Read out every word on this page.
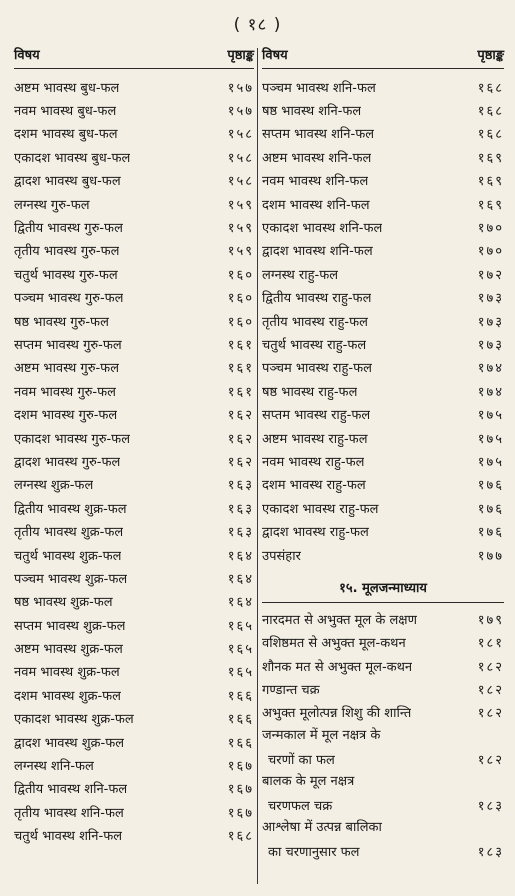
( १८ )
विषय	पृष्ठाङ्क
अष्टम भावस्थ बुध-फल	१५७
नवम भावस्थ बुध-फल	१५७
दशम भावस्थ बुध-फल	१५८
एकादश भावस्थ बुध-फल	१५८
द्वादश भावस्थ बुध-फल	१५८
लग्नस्थ गुरु-फल	१५९
द्वितीय भावस्थ गुरु-फल	१५९
तृतीय भावस्थ गुरु-फल	१५९
चतुर्थ भावस्थ गुरु-फल	१६०
पञ्चम भावस्थ गुरु-फल	१६०
षष्ठ भावस्थ गुरु-फल	१६०
सप्तम भावस्थ गुरु-फल	१६१
अष्टम भावस्थ गुरु-फल	१६१
नवम भावस्थ गुरु-फल	१६१
दशम भावस्थ गुरु-फल	१६२
एकादश भावस्थ गुरु-फल	१६२
द्वादश भावस्थ गुरु-फल	१६२
लग्नस्थ शुक्र-फल	१६३
द्वितीय भावस्थ शुक्र-फल	१६३
तृतीय भावस्थ शुक्र-फल	१६३
चतुर्थ भावस्थ शुक्र-फल	१६४
पञ्चम भावस्थ शुक्र-फल	१६४
षष्ठ भावस्थ शुक्र-फल	१६४
सप्तम भावस्थ शुक्र-फल	१६५
अष्टम भावस्थ शुक्र-फल	१६५
नवम भावस्थ शुक्र-फल	१६५
दशम भावस्थ शुक्र-फल	१६६
एकादश भावस्थ शुक्र-फल	१६६
द्वादश भावस्थ शुक्र-फल	१६६
लग्नस्थ शनि-फल	१६७
द्वितीय भावस्थ शनि-फल	१६७
तृतीय भावस्थ शनि-फल	१६७
चतुर्थ भावस्थ शनि-फल	१६८
विषय	पृष्ठाङ्क
पञ्चम भावस्थ शनि-फल	१६८
षष्ठ भावस्थ शनि-फल	१६८
सप्तम भावस्थ शनि-फल	१६८
अष्टम भावस्थ शनि-फल	१६९
नवम भावस्थ शनि-फल	१६९
दशम भावस्थ शनि-फल	१६९
एकादश भावस्थ शनि-फल	१७०
द्वादश भावस्थ शनि-फल	१७०
लग्नस्थ राहु-फल	१७२
द्वितीय भावस्थ राहु-फल	१७३
तृतीय भावस्थ राहु-फल	१७३
चतुर्थ भावस्थ राहु-फल	१७३
पञ्चम भावस्थ राहु-फल	१७४
षष्ठ भावस्थ राहु-फल	१७४
सप्तम भावस्थ राहु-फल	१७५
अष्टम भावस्थ राहु-फल	१७५
नवम भावस्थ राहु-फल	१७५
दशम भावस्थ राहु-फल	१७६
एकादश भावस्थ राहु-फल	१७६
द्वादश भावस्थ राहु-फल	१७६
उपसंहार	१७७
१५. मूलजन्माध्याय
नारदमत से अभुक्त मूल के लक्षण	१७९
वशिष्ठमत से अभुक्त मूल-कथन	१८१
शौनक मत से अभुक्त मूल-कथन	१८२
गण्डान्त चक्र	१८२
अभुक्त मूलोत्पन्न शिशु की शान्ति	१८२
जन्मकाल में मूल नक्षत्र के
चरणों का फल	१८२
बालक के मूल नक्षत्र
चरणफल चक्र	१८३
आश्लेषा में उत्पन्न बालिका
का चरणानुसार फल	१८३
